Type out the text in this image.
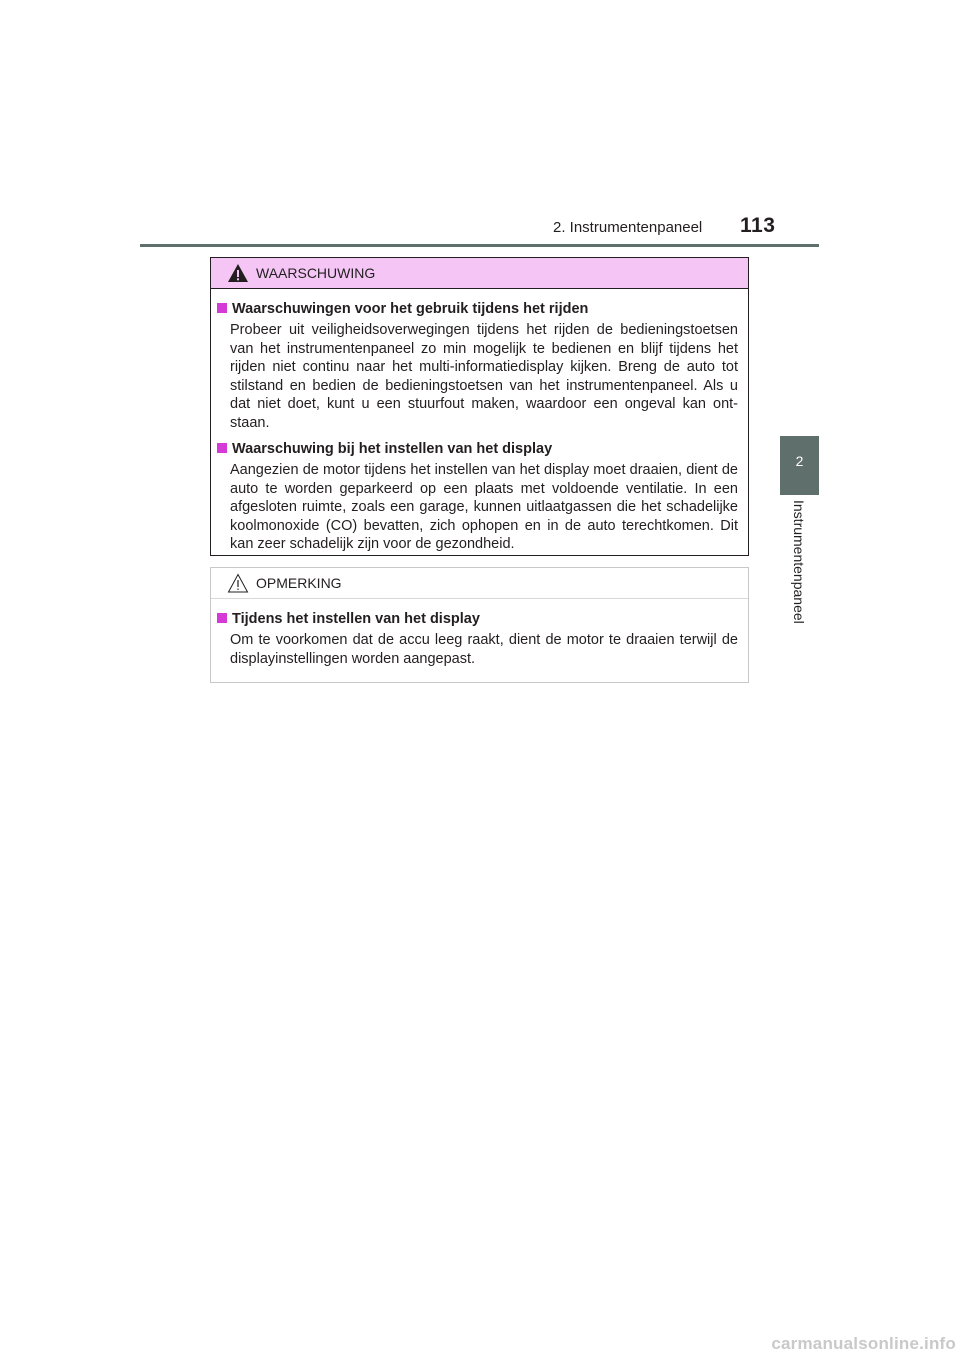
2. Instrumentenpaneel 113
2
Instrumentenpaneel
WAARSCHUWING
Waarschuwingen voor het gebruik tijdens het rijden
Probeer uit veiligheidsoverwegingen tijdens het rijden de bedieningstoetsen van het instrumentenpaneel zo min mogelijk te bedienen en blijf tijdens het rijden niet continu naar het multi-informatiedisplay kijken. Breng de auto tot stilstand en bedien de bedieningstoetsen van het instrumentenpaneel. Als u dat niet doet, kunt u een stuurfout maken, waardoor een ongeval kan ont-staan.
Waarschuwing bij het instellen van het display
Aangezien de motor tijdens het instellen van het display moet draaien, dient de auto te worden geparkeerd op een plaats met voldoende ventilatie. In een afgesloten ruimte, zoals een garage, kunnen uitlaatgassen die het schadelijke koolmonoxide (CO) bevatten, zich ophopen en in de auto terechtkomen. Dit kan zeer schadelijk zijn voor de gezondheid.
OPMERKING
Tijdens het instellen van het display
Om te voorkomen dat de accu leeg raakt, dient de motor te draaien terwijl de displayinstellingen worden aangepast.
carmanualsonline.info
